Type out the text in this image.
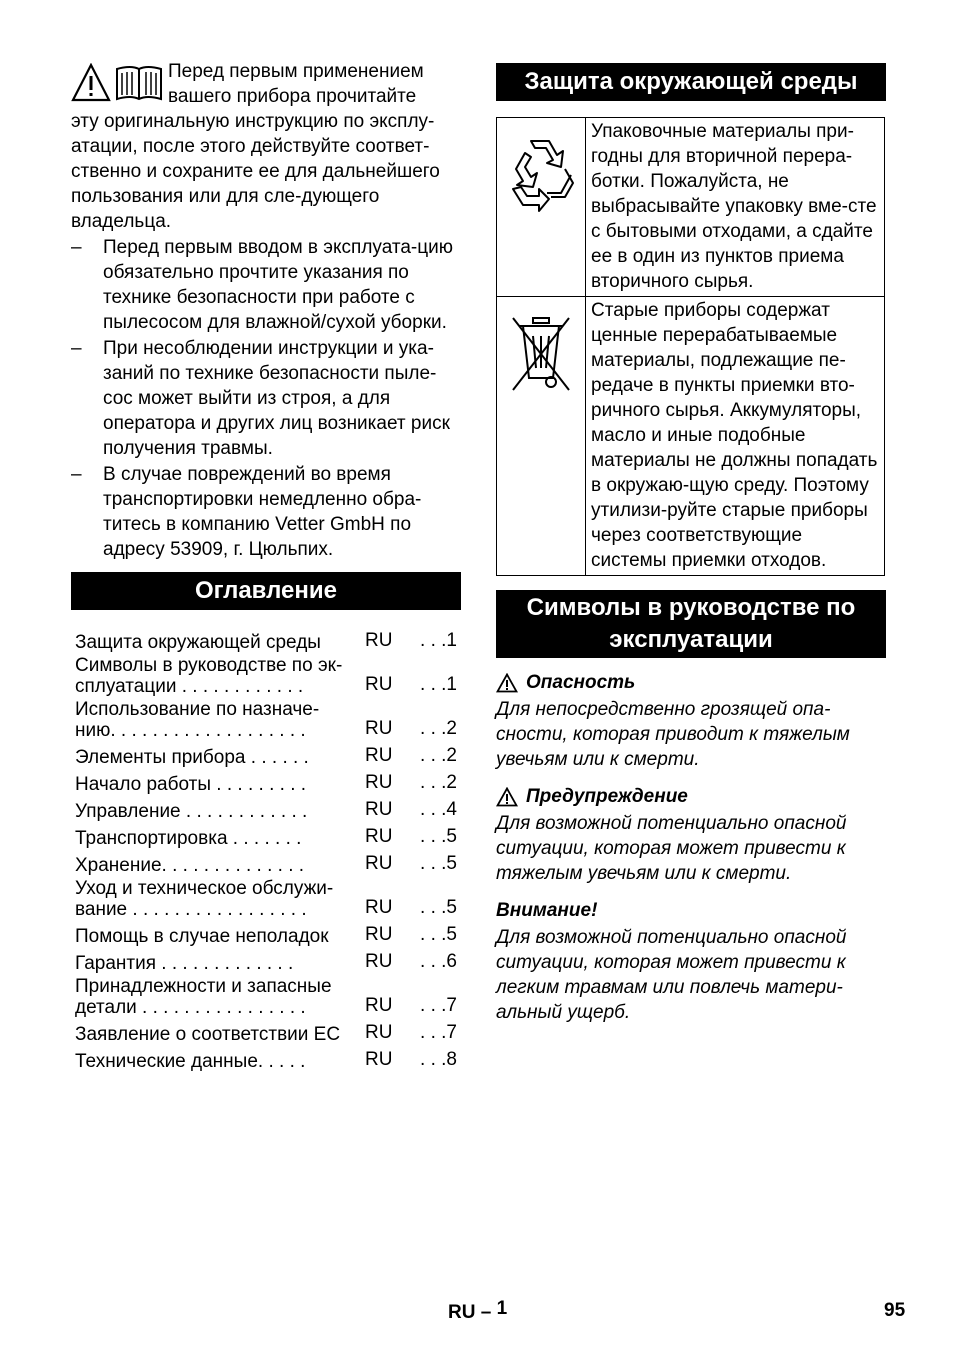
Перед первым применением
вашего прибора прочитайте

эту оригинальную инструкцию по эксплу-атации, после этого действуйте соответ-ственно и сохраните ее для дальнейшего пользования или для сле-дующего владельца.

– Перед первым вводом в эксплуата-цию обязательно прочтите указания по технике безопасности при работе с пылесосом для влажной/сухой уборки.
– При несоблюдении инструкции и ука-заний по технике безопасности пыле-сос может выйти из строя, а для оператора и других лиц возникает риск получения травмы.
– В случае повреждений во время транспортировки немедленно обра-титесь в компанию Vetter GmbH по адресу 53909, г. Цюльпих.
Оглавление
Защита окружающей среды	RU	. . .1
Символы в руководстве по эк-
сплуатации . . . . . . . . . . . .	RU	. . .1
Использование по назначе-
нию. . . . . . . . . . . . . . . . . . .	RU	. . .2
Элементы прибора . . . . . .	RU	. . .2
Начало работы . . . . . . . . .	RU	. . .2
Управление . . . . . . . . . . . .	RU	. . .4
Транспортировка . . . . . . .	RU	. . .5
Хранение. . . . . . . . . . . . . .	RU	. . .5
Уход и техническое обслужи-
вание . . . . . . . . . . . . . . . . .	RU	. . .5
Помощь в случае неполадок	RU	. . .5
Гарантия . . . . . . . . . . . . .	RU	. . .6
Принадлежности и запасные
детали . . . . . . . . . . . . . . . .	RU	. . .7
Заявление о соответствии ЕС	RU	. . .7
Технические данные. . . . .	RU	. . .8
Защита окружающей среды
	Упаковочные материалы при-годны для вторичной перера-ботки. Пожалуйста, не выбрасывайте упаковку вме-сте с бытовыми отходами, а сдайте ее в один из пунктов приема вторичного сырья.
	Старые приборы содержат ценные перерабатываемые материалы, подлежащие пе-редаче в пункты приемки вто-ричного сырья. Аккумуляторы, масло и иные подобные материалы не должны попадать в окружаю-щую среду. Поэтому утилизи-руйте старые приборы через соответствующие системы приемки отходов.
Символы в руководстве по эксплуатации
Опасность

Для непосредственно грозящей опа-сности, которая приводит к тяжелым увечьям или к смерти.

Предупреждение

Для возможной потенциально опасной ситуации, которая может привести к тяжелым увечьям или к смерти.

Внимание!

Для возможной потенциально опасной ситуации, которая может привести к легким травмам или повлечь матери-альный ущерб.

RU – $^1$	95
